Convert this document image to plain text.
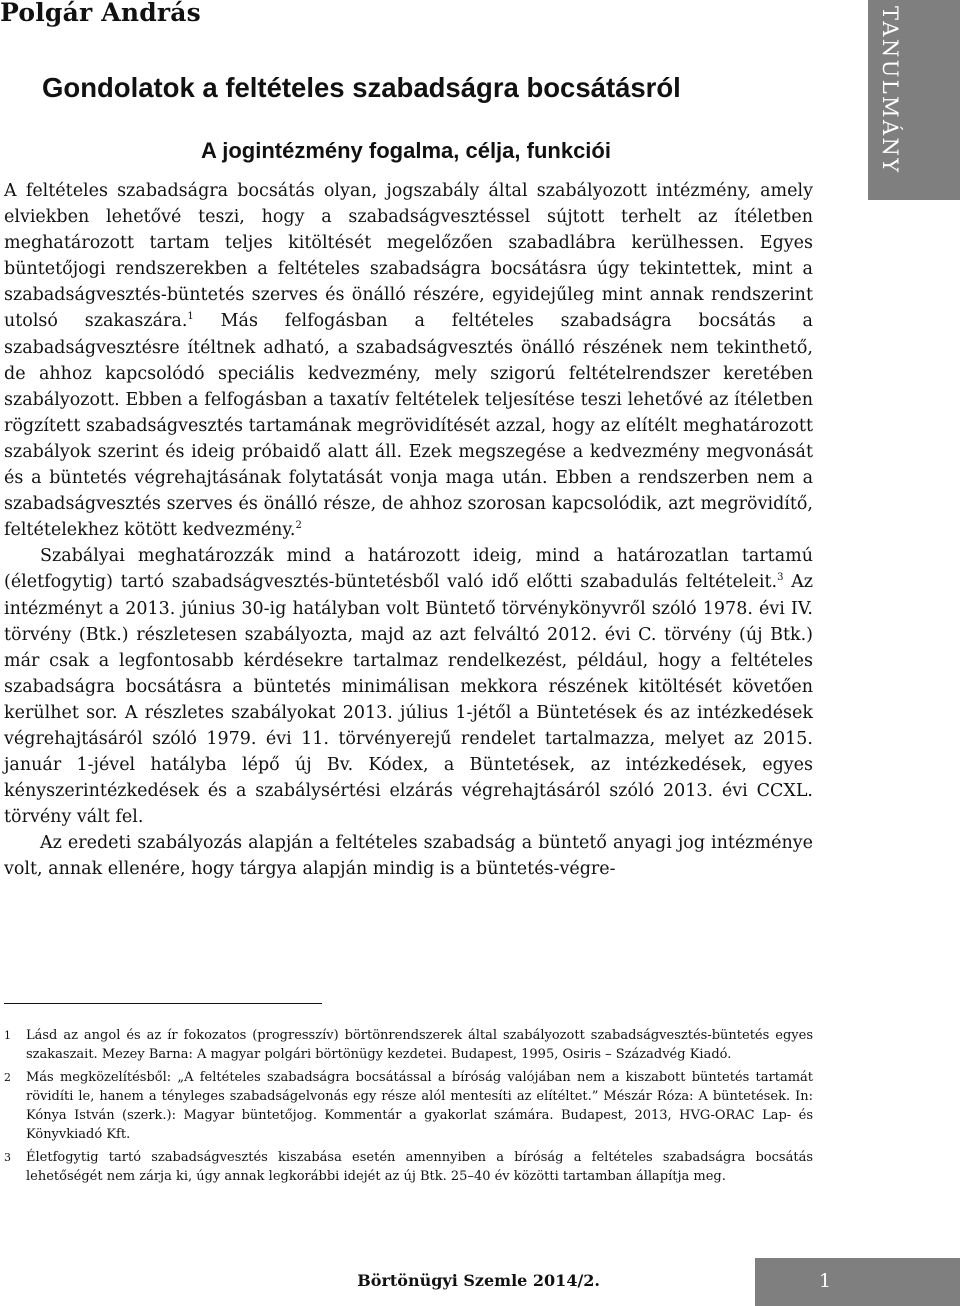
Polgár András	TANULMÁNY
Gondolatok a feltételes szabadságra bocsátásról
A jogintézmény fogalma, célja, funkciói

A feltételes szabadságra bocsátás olyan, jogszabály által szabályozott intézmény, amely elviekben lehetővé teszi, hogy a szabadságvesztéssel sújtott terhelt az ítéletben meghatározott tartam teljes kitöltését megelőzően szabadlábra kerülhessen. Egyes büntetőjogi rendszerekben a feltételes szabadságra bocsátásra úgy tekintettek, mint a szabadságvesztés-büntetés szerves és önálló részére, egyidejűleg mint annak rendszerint utolsó szakaszára.$^1$ Más felfogásban a feltételes szabadságra bocsátás a szabadságvesztésre ítéltnek adható, a szabadságvesztés önálló részének nem tekinthető, de ahhoz kapcsolódó speciális kedvezmény, mely szigorú feltételrendszer keretében szabályozott. Ebben a felfogásban a taxatív feltételek teljesítése teszi lehetővé az ítéletben rögzített szabadságvesztés tartamának megrövidítését azzal, hogy az elítélt meghatározott szabályok szerint és ideig próbaidő alatt áll. Ezek megszegése a kedvezmény megvonását és a büntetés végrehajtásának folytatását vonja maga után. Ebben a rendszerben nem a szabadságvesztés szerves és önálló része, de ahhoz szorosan kapcsolódik, azt megrövidítő, feltételekhez kötött kedvezmény.$^2$

Szabályai meghatározzák mind a határozott ideig, mind a határozatlan tartamú (életfogytig) tartó szabadságvesztés-büntetésből való idő előtti szabadulás feltételeit.$^3$ Az intézményt a 2013. június 30-ig hatályban volt Büntető törvénykönyvről szóló 1978. évi IV. törvény (Btk.) részletesen szabályozta, majd az azt felváltó 2012. évi C. törvény (új Btk.) már csak a legfontosabb kérdésekre tartalmaz rendelkezést, például, hogy a feltételes szabadságra bocsátásra a büntetés minimálisan mekkora részének kitöltését követően kerülhet sor. A részletes szabályokat 2013. július 1-jétől a Büntetések és az intézkedések végrehajtásáról szóló 1979. évi 11. törvényerejű rendelet tartalmazza, melyet az 2015. január 1-jével hatályba lépő új Bv. Kódex, a Büntetések, az intézkedések, egyes kényszerintézkedések és a szabálysértési elzárás végrehajtásáról szóló 2013. évi CCXL. törvény vált fel.

Az eredeti szabályozás alapján a feltételes szabadság a büntető anyagi jog intézménye volt, annak ellenére, hogy tárgya alapján mindig is a büntetés-végre-

1 Lásd az angol és az ír fokozatos (progresszív) börtönrendszerek által szabályozott szabadságvesztés-büntetés egyes szakaszait. Mezey Barna: A magyar polgári börtönügy kezdetei. Budapest, 1995, Osiris – Századvég Kiadó.

2 Más megközelítésből: „A feltételes szabadságra bocsátással a bíróság valójában nem a kiszabott büntetés tartamát rövidíti le, hanem a tényleges szabadságelvonás egy része alól mentesíti az elítéltet.” Mészár Róza: A büntetések. In: Kónya István (szerk.): Magyar büntetőjog. Kommentár a gyakorlat számára. Budapest, 2013, HVG-ORAC Lap- és Könyvkiadó Kft.

3 Életfogytig tartó szabadságvesztés kiszabása esetén amennyiben a bíróság a feltételes szabadságra bocsátás lehetőségét nem zárja ki, úgy annak legkorábbi idejét az új Btk. 25–40 év közötti tartamban állapítja meg.

Börtönügyi Szemle 2014/2.	1
